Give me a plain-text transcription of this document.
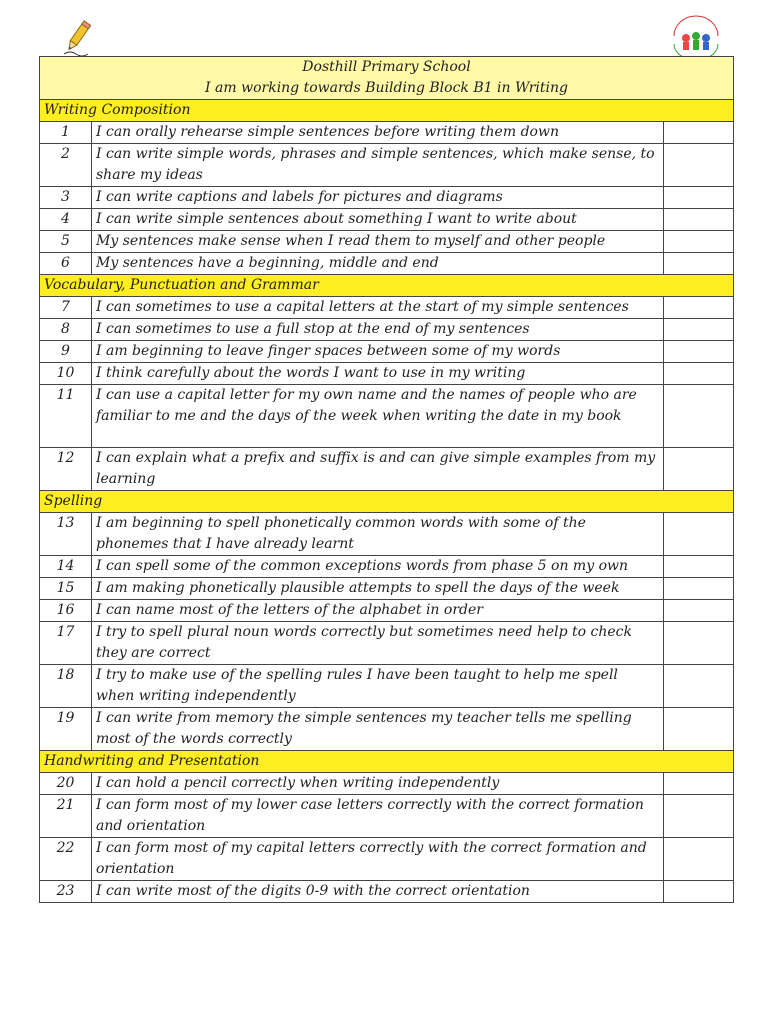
Dosthill Primary School
I am working towards Building Block B1 in Writing		

Writing Composition		
1	I can orally rehearse simple sentences before writing them down	
2	I can write simple words, phrases and simple sentences, which make sense, to share my ideas	
3	I can write captions and labels for pictures and diagrams	
4	I can write simple sentences about something I want to write about	
5	My sentences make sense when I read them to myself and other people	
6	My sentences have a beginning, middle and end	
Vocabulary, Punctuation and Grammar		
7	I can sometimes to use a capital letters at the start of my simple sentences	
8	I can sometimes to use a full stop at the end of my sentences	
9	I am beginning to leave finger spaces between some of my words	
10	I think carefully about the words I want to use in my writing	
11	I can use a capital letter for my own name and the names of people who are familiar to me and the days of the week when writing the date in my book	
12	I can explain what a prefix and suffix is and can give simple examples from my learning	
Spelling		
13	I am beginning to spell phonetically common words with some of the phonemes that I have already learnt	
14	I can spell some of the common exceptions words from phase 5 on my own	
15	I am making phonetically plausible attempts to spell the days of the week	
16	I can name most of the letters of the alphabet in order	
17	I try to spell plural noun words correctly but sometimes need help to check they are correct	
18	I try to make use of the spelling rules I have been taught to help me spell when writing independently	
19	I can write from memory the simple sentences my teacher tells me spelling most of the words correctly	
Handwriting and Presentation		
20	I can hold a pencil correctly when writing independently	
21	I can form most of my lower case letters correctly with the correct formation and orientation	
22	I can form most of my capital letters correctly with the correct formation and orientation	
23	I can write most of the digits 0-9 with the correct orientation	
